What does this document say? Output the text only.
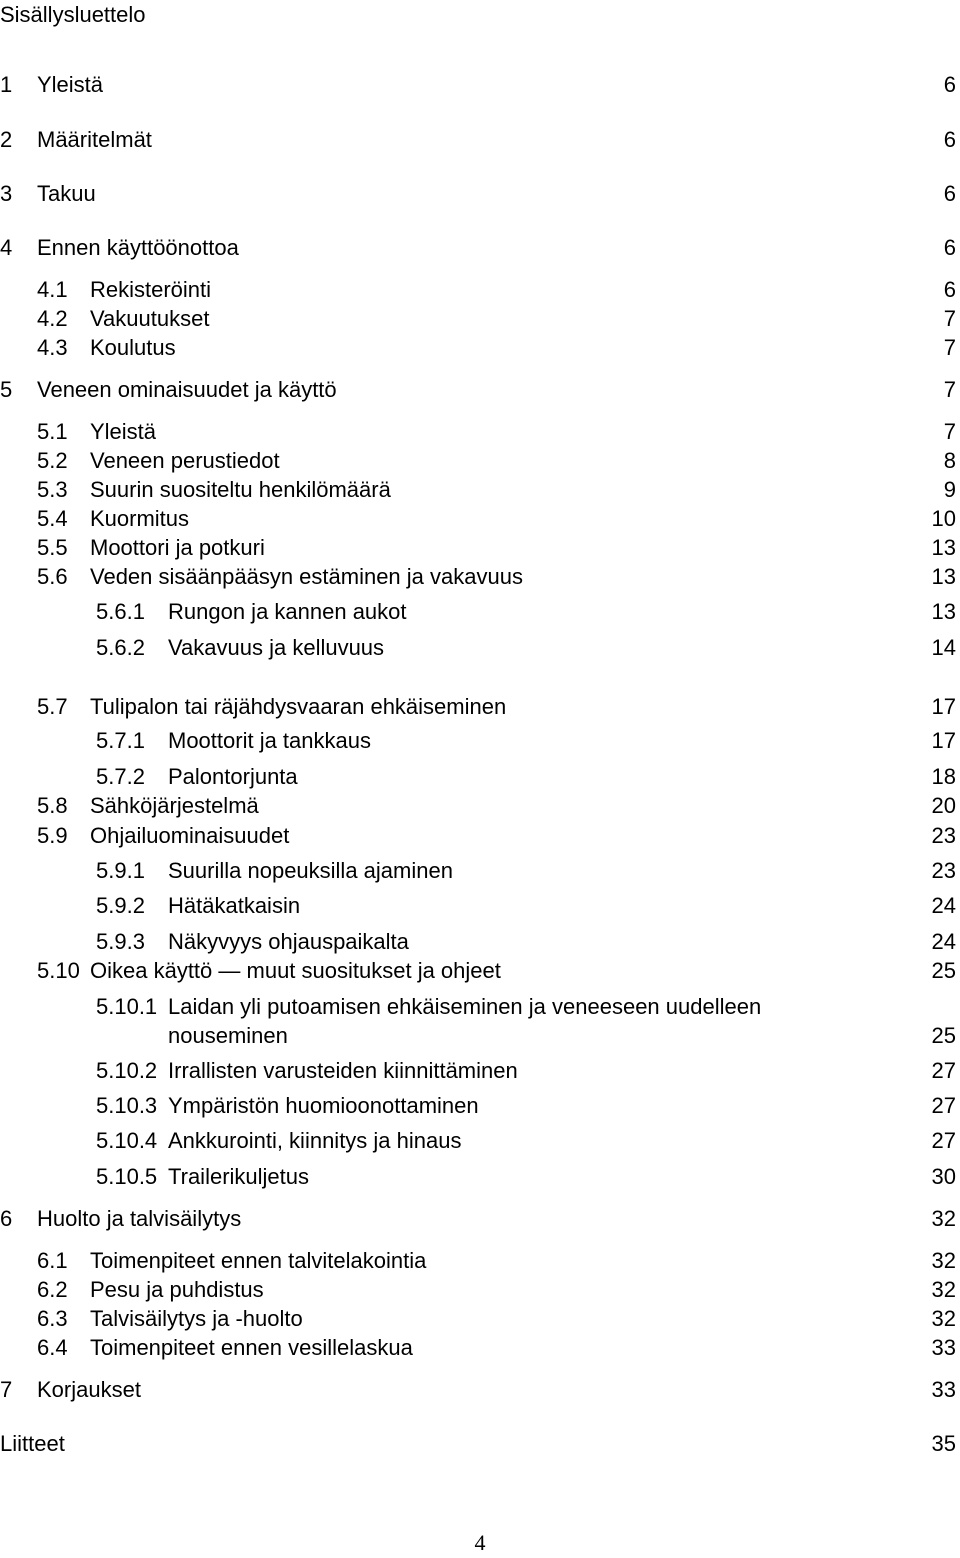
Sisällysluettelo
1 Yleistä	6
2 Määritelmät	6
3 Takuu	6
4 Ennen käyttöönottoa	6
4.1 Rekisteröinti	6
4.2 Vakuutukset	7
4.3 Koulutus	7
5 Veneen ominaisuudet ja käyttö	7
5.1 Yleistä	7
5.2 Veneen perustiedot	8
5.3 Suurin suositeltu henkilömäärä	9
5.4 Kuormitus	10
5.5 Moottori ja potkuri	13
5.6 Veden sisäänpääsyn estäminen ja vakavuus	13
5.6.1 Rungon ja kannen aukot	13
5.6.2 Vakavuus ja kelluvuus	14
5.7 Tulipalon tai räjähdysvaaran ehkäiseminen	17
5.7.1 Moottorit ja tankkaus	17
5.7.2 Palontorjunta	18
5.8 Sähköjärjestelmä	20
5.9 Ohjailuominaisuudet	23
5.9.1 Suurilla nopeuksilla ajaminen	23
5.9.2 Hätäkatkaisin	24
5.9.3 Näkyvyys ohjauspaikalta	24
5.10 Oikea käyttö — muut suositukset ja ohjeet	25
5.10.1 Laidan yli putoamisen ehkäiseminen ja veneeseen uudelleen
nouseminen	25
5.10.2 Irrallisten varusteiden kiinnittäminen	27
5.10.3 Ympäristön huomioonottaminen	27
5.10.4 Ankkurointi, kiinnitys ja hinaus	27
5.10.5 Trailerikuljetus	30
6 Huolto ja talvisäilytys	32
6.1 Toimenpiteet ennen talvitelakointia	32
6.2 Pesu ja puhdistus	32
6.3 Talvisäilytys ja -huolto	32
6.4 Toimenpiteet ennen vesillelaskua	33
7 Korjaukset	33
Liitteet	35
4
